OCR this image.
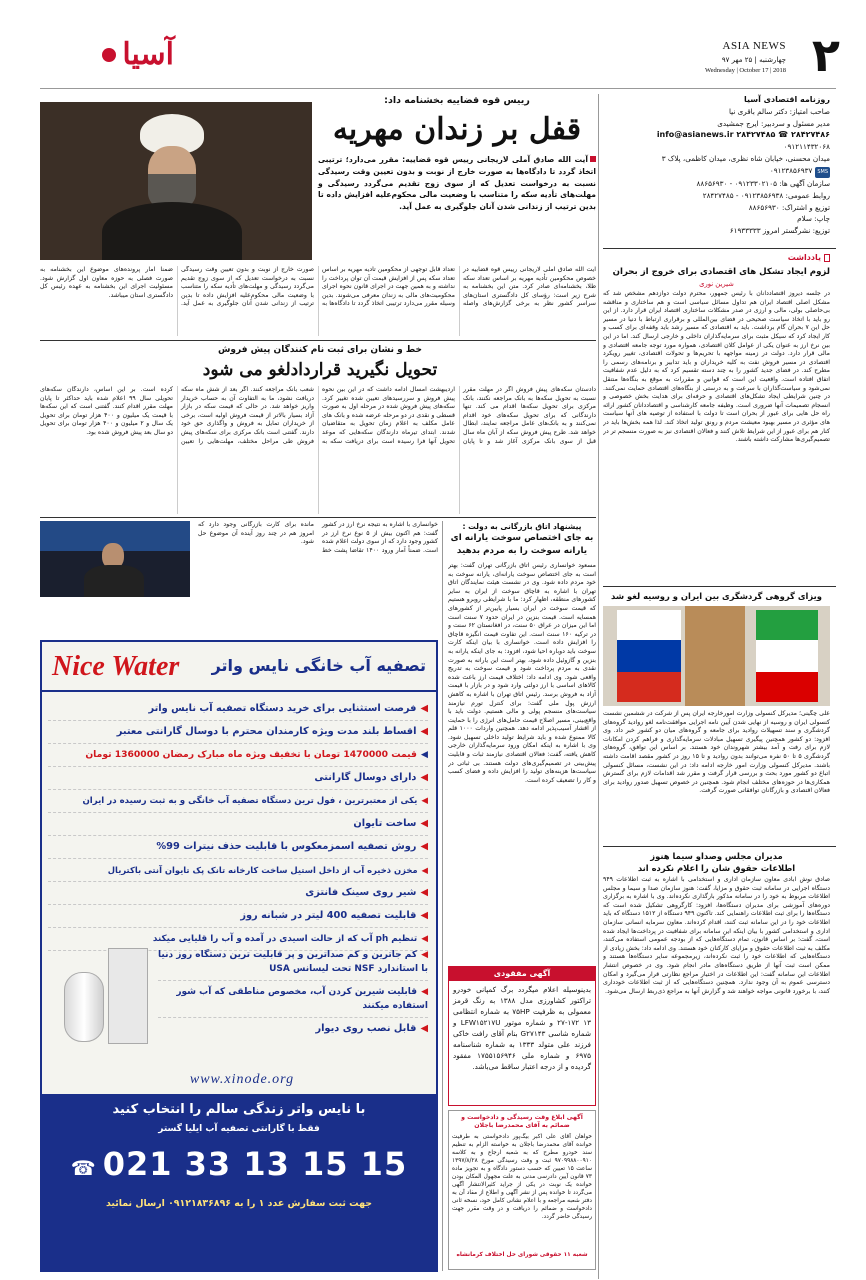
۲
ASIA NEWS
چهارشنبه | ۲۵ مهر ۹۷
Wednesday | October 17 | 2018
آسیا
روزنامه اقتصادی آسیا
صاحب امتیاز: دکتر سالم باقری نیا
مدیر مسئول و سردبیر: ایرج جمشیدی
۲۸۴۲۷۴۸۶ ☎ ۲۸۴۲۷۴۸۵ info@asianews.ir
۰۹۱۲۱۱۴۳۲۰۶۸
میدان محسنی، خیابان شاه نظری، میدان کاظمی، پلاک ۳
SMS۰۹۱۲۳۸۵۶۹۳۷
سازمان آگهی ها: ۰۹۱۲۳۳۰۲۱۰۵ - ۸۸۶۵۶۹۳۰
روابط عمومی: ۰۹۱۲۳۸۵۶۹۳۸ - ۲۸۴۲۷۴۸۵
توزیع و اشتراک: ۸۸۶۵۶۹۳۰
چاپ: سلام
توزیع: نشرگستر امروز ۶۱۹۳۳۳۳۳
یادداشت
لزوم ایجاد تشکل های اقتصادی برای خروج از بحران
شیرین نوری
در جلسه دیروز اقتصاددانان با رئیس جمهور، محترم دولت دوازدهم مشخص شد که مشکل اصلی اقتصاد ایران هم تداول مسائل سیاسی است و هم ساختاری و مناقشه بی‌حاصلی بولی، مالی و ارزی در صدر مشکلات ساختاری اقتصاد ایران قرار دارد. از این رو باید با اتخاذ سیاست صحیحی در فضای بین‌المللی و برقراری ارتباط با دنیا در مسیر حل این ۷ بحران گام برداشت. باید به اقتصادی که مسیر رشد باید وقفه‌ای برای کسب و کار ایجاد کرد که سیکل مثبت برای سرمایه‌گذاران داخلی و خارجی ارسال کند. اما در این بین نرخ ارز به عنوان یکی از عوامل کلان اقتصادی، همواره مورد توجه جامعه اقتصادی و مالی قرار دارد. دولت در زمینه مواجهه با تحریم‌ها و تحولات اقتصادی، تغییر رویکرد اقتصادی در مسیر فروش نفت به کلیه خریداران و باید تدابیر و برنامه‌های رسمی را مطرح کند. در فضای جدید کشور را به چند دسته تقسیم کرد که به دلیل عدم شفافیت اتفاق افتاده است. واقعیت این است که قوانین و مقررات به موقع به بنگاه‌ها منتقل نمی‌شود و سیاست‌گذاران با سرعت و به درستی از بنگاه‌های اقتصادی حمایت نمی‌کنند. در چنین شرایطی ایجاد تشکل‌های اقتصادی و حرفه‌ای برای هدایت بخش خصوصی و انسجام تصمیمات آنها ضروری است. وظیفه جامعه کارشناسی و اقتصاددانان کشور ارائه راه حل هایی برای عبور از بحران است تا دولت با استفاده از توصیه های آنها سیاست های مؤثری در مسیر بهبود معیشت مردم و رونق تولید اتخاذ کند. لذا همه بخش‌ها باید در کنار هم برای عبور از این شرایط تلاش کنند و فعالان اقتصادی نیز به صورت منسجم تر در تصمیم‌گیری‌ها مشارکت داشته باشند.
ویزای گروهی گردشگری بین ایران و روسیه لغو شد
علی چگینی؛ مدیرکل کنسولی وزارت امورخارجه ایران پس از شرکت در ششمین نشست کنسولی ایران و روسیه از نهایی شدن آیین نامه اجرایی موافقت‌نامه لغو روادید گروه‌های گردشگری و سند تسهیلات روادید برای جامعه و گروه‌های میان دو کشور خبر داد. وی افزود: دو کشور همچنین پیگیری تسهیل مبادلات سرمایه‌گذاری و فراهم کردن امکانات لازم برای رفت و آمد بیشتر شهروندان خود هستند. بر اساس این توافق، گروه‌های گردشگری ۵ تا ۵۰ نفره می‌توانند بدون روادید و تا ۱۵ روز در کشور مقصد اقامت داشته باشند. مدیرکل کنسولی وزارت امور خارجه ادامه داد: در این نشست، مسائل کنسولی اتباع دو کشور مورد بحث و بررسی قرار گرفت و مقرر شد اقدامات لازم برای گسترش همکاری‌ها در حوزه‌های مختلف انجام شود. همچنین در خصوص تسهیل صدور روادید برای فعالان اقتصادی و بازرگانان توافقاتی صورت گرفت.
مدیران مجلس وصداو سیما هنوز
اطلاعات حقوق شان را اعلام نکرده اند
صادق نوش آبادی معاون سازمان اداری و استخدامی با اشاره به ثبت اطلاعات ۹۴۹ دستگاه اجرایی در سامانه ثبت حقوق و مزایا، گفت: هنوز سازمان صدا و سیما و مجلس اطلاعات مربوط به خود را در سامانه مذکور بارگذاری نکرده‌اند. وی با اشاره به برگزاری دوره‌های آموزشی برای مدیران دستگاه‌ها، افزود: کارگروهی تشکیل شده است که دستگاه‌ها را برای ثبت اطلاعات راهنمایی کند. تاکنون ۹۴۹ دستگاه از ۱۵۱۲ دستگاه که باید اطلاعات خود را در این سامانه ثبت کنند، اقدام کرده‌اند. معاون سرمایه انسانی سازمان اداری و استخدامی کشور با بیان اینکه این سامانه برای شفافیت در پرداخت‌ها ایجاد شده است، گفت: بر اساس قانون، تمام دستگاه‌هایی که از بودجه عمومی استفاده می‌کنند، مکلف به ثبت اطلاعات حقوق و مزایای کارکنان خود هستند. وی ادامه داد: بخش زیادی از دستگاه‌هایی که اطلاعات خود را ثبت نکرده‌اند، زیرمجموعه سایر دستگاه‌ها هستند و ممکن است ثبت آنها از طریق دستگاه‌های مادر انجام شود. وی در خصوص انتشار اطلاعات این سامانه گفت: این اطلاعات در اختیار مراجع نظارتی قرار می‌گیرد و امکان دسترسی عموم به آن وجود ندارد. همچنین دستگاه‌هایی که از ثبت اطلاعات خودداری کنند، با برخورد قانونی مواجه خواهند شد و گزارش آنها به مراجع ذی‌ربط ارسال می‌شود.
رییس قوه قضاییه بخشنامه داد:
قفل بر زندان مهریه
آیت الله صادق آملی لاریجانی رییس قوه قضاییه: مقرر می‌دارد؛ ترتیبی اتخاذ گردد تا دادگاه‌ها به صورت خارج از نوبت و بدون تعیین وقت رسیدگی نسبت به درخواست تعدیل که از سوی زوج تقدیم می‌گردد رسیدگی و مهلت‌های تأدیه سکه را متناسب با وضعیت مالی محکوم‌علیه افزایش داده تا بدین ترتیب از زندانی شدن آنان جلوگیری به عمل آید.
آیت الله صادق آملی لاریجانی رییس قوه قضاییه در خصوص محکومین تأدیه مهریه بر اساس تعداد سکه طلا، بخشنامه‌ای صادر کرد. متن این بخشنامه به شرح زیر است: رؤسای کل دادگستری استان‌های سراسر کشور نظر به برخی گزارش‌های واصله تعداد قابل توجهی از محکومین تأدیه مهریه بر اساس تعداد سکه پس از افزایش قیمت آن توان پرداخت را نداشته و به همین جهت در اجرای قانون نحوه اجرای محکومیت‌های مالی به زندان معرفی می‌شوند. بدین وسیله مقرر می‌دارد ترتیبی اتخاذ گردد تا دادگاه‌ها به صورت خارج از نوبت و بدون تعیین وقت رسیدگی نسبت به درخواست تعدیل که از سوی زوج تقدیم می‌گردد رسیدگی و مهلت‌های تأدیه سکه را متناسب با وضعیت مالی محکوم‌علیه افزایش داده تا بدین ترتیب از زندانی شدن آنان جلوگیری به عمل آید. ضمناً آمار پرونده‌های موضوع این بخشنامه به صورت فصلی به حوزه معاون اول گزارش شود. مسئولیت اجرای این بخشنامه به عهده رئیس کل دادگستری استان میباشد.
خط و نشان برای ثبت نام کنندگان پیش فروش
تحویل نگیرید قراردادلغو می شود
دادستان سکه‌های پیش فروش اگر در مهلت مقرر نسبت به تحویل سکه‌ها به بانک مراجعه نکنند، بانک مرکزی برای تحویل سکه‌ها اقدام می کند. تنها دارندگانی که برای تحویل سکه‌های خود اقدام نمی‌کنند و به بانک‌های عامل مراجعه نمایند، ابطال خواهد شد. طرح پیش فروش سکه از آبان ماه سال قبل از سوی بانک مرکزی آغاز شد و تا پایان اردیبهشت امسال ادامه داشت که در این بین نحوه پیش فروش و سررسیدهای تعیین شده تغییر کرد. سکه‌های پیش فروش شده در مرحله اول به صورت قسطی و نقدی در دو مرحله عرضه شده و بانک های عامل مکلف به اعلام زمان تحویل به متقاضیان شدند. ابتدای تیرماه دارندگان سکه‌هایی که موعد تحویل آنها فرا رسیده است برای دریافت سکه به شعب بانک مراجعه کنند. اگر بعد از شش ماه سکه دریافت نشود، ما به التفاوت آن به حساب خریدار واریز خواهد شد. در حالی که قیمت سکه در بازار آزاد بسیار بالاتر از قیمت فروش اولیه است، برخی از خریداران تمایل به فروش و واگذاری حق خود دارند. گفتنی است بانک مرکزی برای سکه‌های پیش فروش طی مراحل مختلف، مهلت‌هایی را تعیین کرده است. بر این اساس، دارندگان سکه‌های تحویلی سال ۹۹ اعلام شده باید حداکثر تا پایان مهلت مقرر اقدام کنند. گفتنی است که این سکه‌ها با قیمت یک میلیون و ۴۰۰ هزار تومان برای تحویل یک سال و ۲ میلیون و ۴۰۰ هزار تومان برای تحویل دو سال بعد پیش فروش شده بود.
پیشنهاد اتاق بازرگانی به دولت :
به جای اختصاص سوخت یارانه ای
یارانه سوخت را به مردم بدهید
مسعود خوانساری رئیس اتاق بازرگانی تهران گفت: بهتر است به جای اختصاص سوخت یارانه‌ای، یارانه سوخت به خود مردم داده شود. وی در نشست هیئت نمایندگان اتاق تهران با اشاره به قاچاق سوخت از ایران به سایر کشورهای منطقه، اظهار کرد: ما با شرایطی روبرو هستیم که قیمت سوخت در ایران بسیار پایین‌تر از کشورهای همسایه است. قیمت بنزین در ایران حدود ۷ سنت است اما این میزان در عراق ۵۰ سنت، در افغانستان ۶۲ سنت و در ترکیه ۱۶۰ سنت است. این تفاوت قیمت انگیزه قاچاق را افزایش داده است. خوانساری با بیان اینکه کارت سوخت باید دوباره احیا شود، افزود: به جای اینکه یارانه به بنزین و گازوئیل داده شود، بهتر است این یارانه به صورت نقدی به مردم پرداخت شود و قیمت سوخت به تدریج واقعی شود. وی ادامه داد: اختلاف قیمت ارز باعث شده کالاهای اساسی با ارز دولتی وارد شود و در بازار با قیمت آزاد به فروش برسد. رئیس اتاق تهران با اشاره به کاهش ارزش پول ملی گفت: برای کنترل تورم نیازمند سیاست‌های منسجم پولی و مالی هستیم. دولت باید با واقع‌بینی، مسیر اصلاح قیمت حامل‌های انرژی را با حمایت از اقشار آسیب‌پذیر ادامه دهد. همچنین واردات ۱۰۰۰ قلم کالا ممنوع شده و باید شرایط تولید داخلی تسهیل شود. وی با اشاره به اینکه امکان ورود سرمایه‌گذاران خارجی کاهش یافته، گفت: فعالان اقتصادی نیازمند ثبات و قابلیت پیش‌بینی در تصمیم‌گیری‌های دولت هستند. بی ثباتی در سیاست‌ها هزینه‌های تولید را افزایش داده و فضای کسب و کار را تضعیف کرده است.
خوانساری با اشاره به نتیجه نرخ ارز در کشور گفت: هم اکنون بیش از ۵ نوع نرخ ارز در کشور وجود دارد که از سوی دولت اعلام شده است. ضمناً آمار ورود ۱۴۰۰ تقاضا پشت خط مانده برای کارت بازرگانی وجود دارد که امروز هم در چند روز آینده آن موضوع حل شود.
آگهی مفقودی
بدینوسیله اعلام میگردد برگ کمپانی خودرو تراکتور کشاورزی مدل ۱۳۸۸ به رنگ قرمز معمولی به ظرفیت ۷۵HP به شماره انتظامی ۱۳ ۱۷۲-۲۷ و شماره موتور LFW۱۵۲۱۷U و شماره شاسی G۲۷۱۴۳ بنام آقای رافت خاکی فرزند علی متولد ۱۳۳۳ به شماره شناسنامه ۶۹۷۵ و شماره ملی ۱۷۵۵۱۵۶۹۴۶ مفقود گردیده و از درجه اعتبار ساقط می‌باشد.
آگهی ابلاغ وقت رسیدگی و دادخواست و ضمائم به آقای محمدرضا باجلان
خواهان آقای علی اکبر بیگ‌پور دادخواستی به طرفیت خوانده آقای محمدرضا باجلان به خواسته الزام به تنظیم سند خودرو مطرح که به شعبه ارجاع و به کلاسه ۹۷۰۹۹۸۸۰۰۹۱۰ ثبت و وقت رسیدگی مورخ ۱۳۹۷/۸/۲۸ ساعت ۱۵ تعیین که حسب دستور دادگاه و به تجویز ماده ۷۳ قانون آیین دادرسی مدنی به علت مجهول المکان بودن خوانده یک نوبت در یکی از جراید کثیرالانتشار آگهی می‌گردد تا خوانده پس از نشر آگهی و اطلاع از مفاد آن به دفتر شعبه مراجعه و با اعلام نشانی کامل خود، نسخه ثانی دادخواست و ضمائم را دریافت و در وقت مقرر جهت رسیدگی حاضر گردد.
شعبه ۱۱ حقوقی شورای حل اختلاف کرمانشاه
Nice Water تصفیه آب خانگی نایس واتر
◀فرصت استثنایی برای خرید دستگاه تصفیه آب نایس واتر
◀اقساط بلند مدت ویژه کارمندان محترم با دوسال گارانتی معتبر
◀قیمت 1470000 تومان با تخفیف ویژه ماه مبارک رمضان 1360000 تومان
◀دارای دوسال گارانتی
◀یکی از معتبرترین ، فول ترین دستگاه تصفیه آب خانگی و به ثبت رسیده در ایران
◀ساخت تایوان
◀روش تصفیه اسمزمعکوس با قابلیت حذف نیترات 99%
◀مخزن ذخیره آب از داخل استیل ساخت کارخانه تانک پک تایوان آنتی باکتریال
◀شیر روی سینک فانتزی
◀قابلیت تصفیه 400 لیتر در شبانه روز
◀تنظیم ph آب که از حالت اسیدی در آمده و آب را قلیایی میکند
◀کم جاترین و کم صداترین و پر قابلیت ترین دستگاه روز دنیا با استاندارد NSF تحت لیسانس USA
◀قابلیت شیرین کردن آب، مخصوص مناطقی که آب شور استفاده میکنند
◀قابل نصب روی دیوار
www.xinode.org
با نایس واتر زندگی سالم را انتخاب کنید
فقط با گارانتی تصفیه آب ایلیا گستر
☎ 021 33 13 15 15
جهت ثبت سفارش عدد ۱ را به ۰۹۱۲۱۸۳۶۸۹۶ ارسال نمائید
